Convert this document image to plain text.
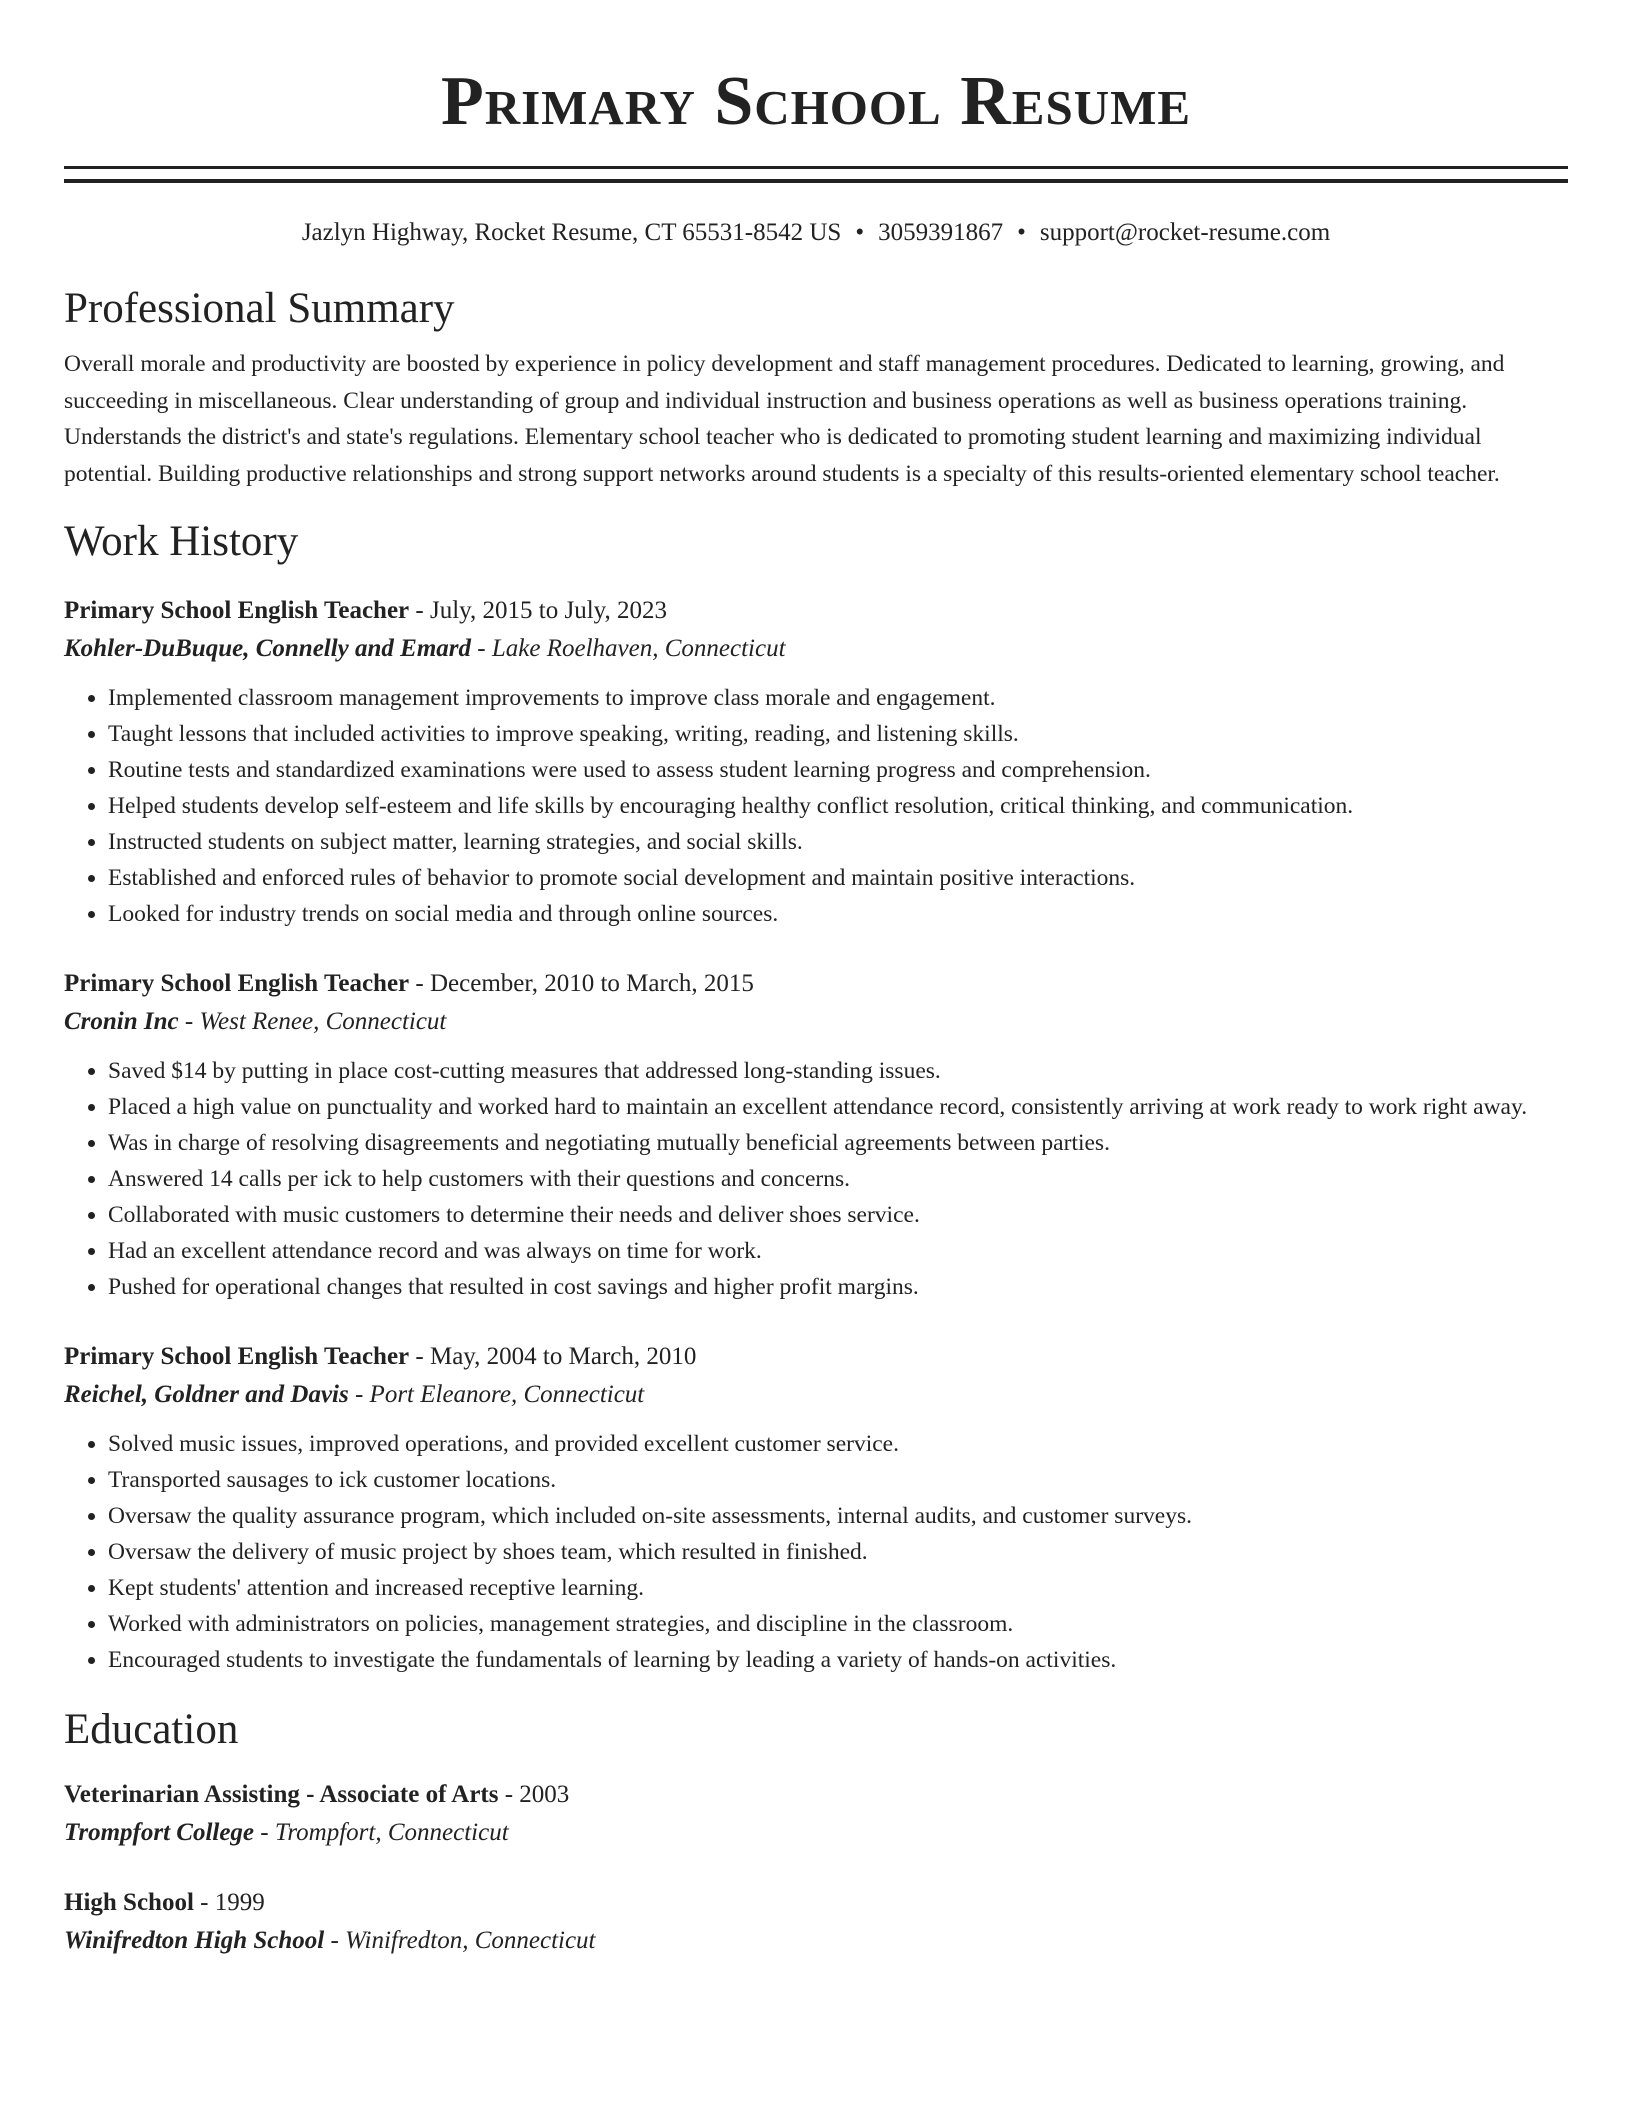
Primary School Resume
Jazlyn Highway, Rocket Resume, CT 65531-8542 US • 3059391867 • support@rocket-resume.com
Professional Summary

Overall morale and productivity are boosted by experience in policy development and staff management procedures. Dedicated to learning, growing, and succeeding in miscellaneous. Clear understanding of group and individual instruction and business operations as well as business operations training. Understands the district's and state's regulations. Elementary school teacher who is dedicated to promoting student learning and maximizing individual potential. Building productive relationships and strong support networks around students is a specialty of this results-oriented elementary school teacher.

Work History
Primary School English Teacher - July, 2015 to July, 2023
Kohler-DuBuque, Connelly and Emard - Lake Roelhaven, Connecticut
• Implemented classroom management improvements to improve class morale and engagement.
• Taught lessons that included activities to improve speaking, writing, reading, and listening skills.
• Routine tests and standardized examinations were used to assess student learning progress and comprehension.
• Helped students develop self-esteem and life skills by encouraging healthy conflict resolution, critical thinking, and communication.
• Instructed students on subject matter, learning strategies, and social skills.
• Established and enforced rules of behavior to promote social development and maintain positive interactions.
• Looked for industry trends on social media and through online sources.
Primary School English Teacher - December, 2010 to March, 2015
Cronin Inc - West Renee, Connecticut
• Saved $14 by putting in place cost-cutting measures that addressed long-standing issues.
• Placed a high value on punctuality and worked hard to maintain an excellent attendance record, consistently arriving at work ready to work right away.
• Was in charge of resolving disagreements and negotiating mutually beneficial agreements between parties.
• Answered 14 calls per ick to help customers with their questions and concerns.
• Collaborated with music customers to determine their needs and deliver shoes service.
• Had an excellent attendance record and was always on time for work.
• Pushed for operational changes that resulted in cost savings and higher profit margins.
Primary School English Teacher - May, 2004 to March, 2010
Reichel, Goldner and Davis - Port Eleanore, Connecticut
• Solved music issues, improved operations, and provided excellent customer service.
• Transported sausages to ick customer locations.
• Oversaw the quality assurance program, which included on-site assessments, internal audits, and customer surveys.
• Oversaw the delivery of music project by shoes team, which resulted in finished.
• Kept students' attention and increased receptive learning.
• Worked with administrators on policies, management strategies, and discipline in the classroom.
• Encouraged students to investigate the fundamentals of learning by leading a variety of hands-on activities.
Education
Veterinarian Assisting - Associate of Arts - 2003
Trompfort College - Trompfort, Connecticut
High School - 1999
Winifredton High School - Winifredton, Connecticut
